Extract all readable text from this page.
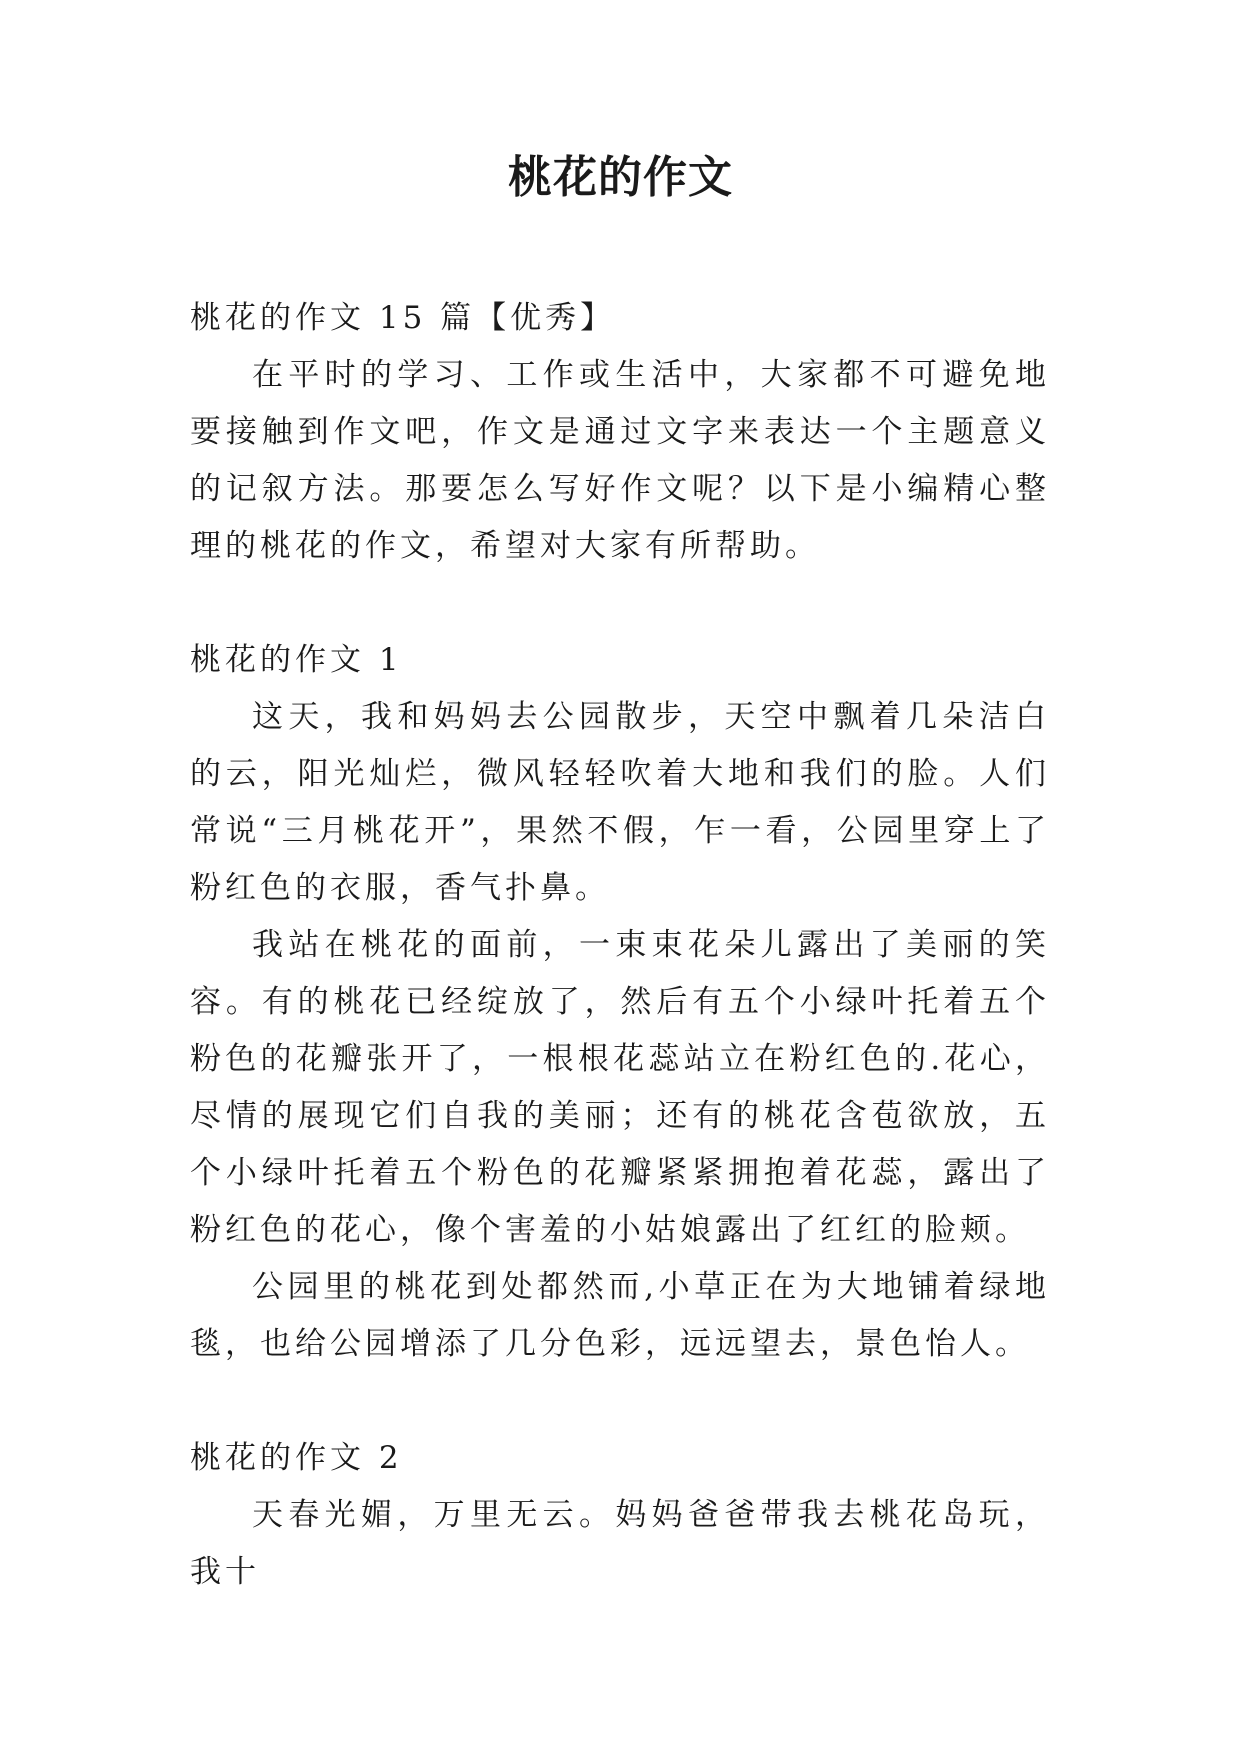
桃花的作文

桃花的作文 15 篇【优秀】

在平时的学习、工作或生活中，大家都不可避免地要接触到作文吧，作文是通过文字来表达一个主题意义的记叙方法。那要怎么写好作文呢？以下是小编精心整理的桃花的作文，希望对大家有所帮助。

桃花的作文 1

这天，我和妈妈去公园散步，天空中飘着几朵洁白的云，阳光灿烂，微风轻轻吹着大地和我们的脸。人们常说“三月桃花开”，果然不假，乍一看，公园里穿上了粉红色的衣服，香气扑鼻。

我站在桃花的面前，一束束花朵儿露出了美丽的笑容。有的桃花已经绽放了，然后有五个小绿叶托着五个粉色的花瓣张开了，一根根花蕊站立在粉红色的.花心，尽情的展现它们自我的美丽；还有的桃花含苞欲放，五个小绿叶托着五个粉色的花瓣紧紧拥抱着花蕊，露出了粉红色的花心，像个害羞的小姑娘露出了红红的脸颊。

公园里的桃花到处都然而,小草正在为大地铺着绿地毯，也给公园增添了几分色彩，远远望去，景色怡人。

桃花的作文 2

天春光媚，万里无云。妈妈爸爸带我去桃花岛玩，我十
